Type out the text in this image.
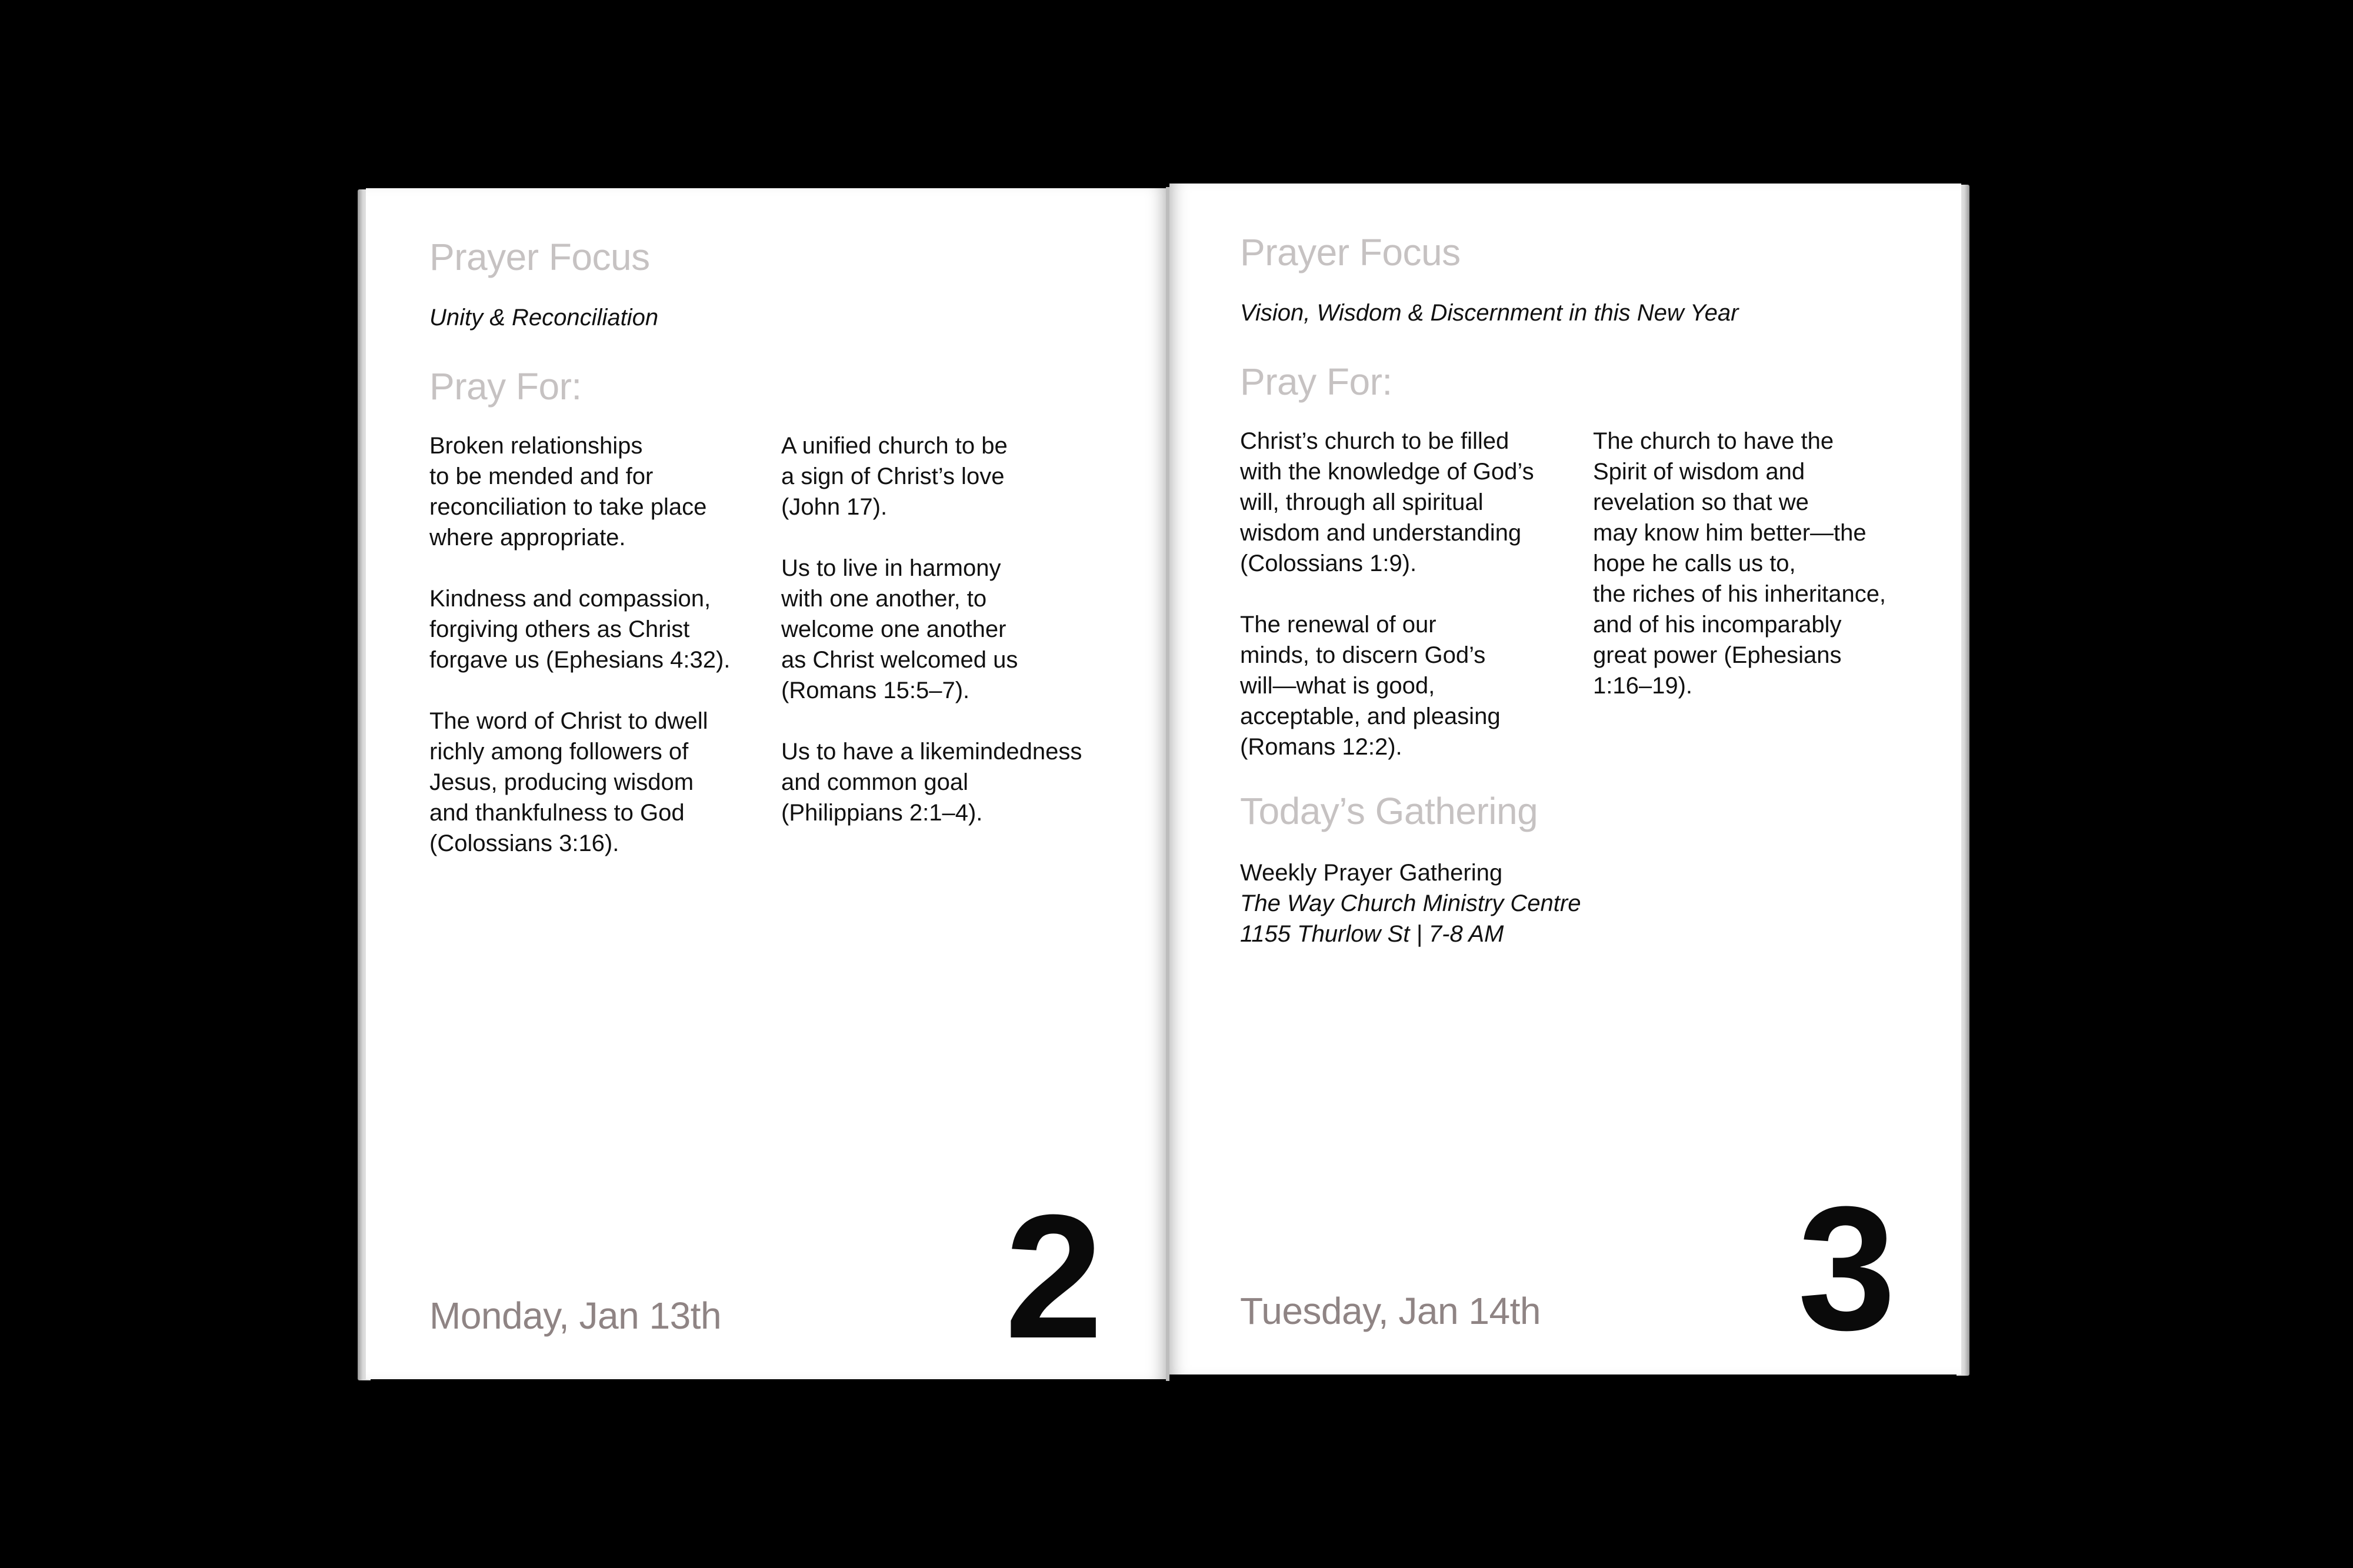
Prayer Focus
Unity & Reconciliation
Pray For:

Broken relationships
to be mended and for
reconciliation to take place
where appropriate.

Kindness and compassion,
forgiving others as Christ
forgave us (Ephesians 4:32).

The word of Christ to dwell
richly among followers of
Jesus, producing wisdom
and thankfulness to God
(Colossians 3:16).

A unified church to be
a sign of Christ’s love
(John 17).

Us to live in harmony
with one another, to
welcome one another
as Christ welcomed us
(Romans 15:5–7).

Us to have a likemindedness
and common goal
(Philippians 2:1–4).

Monday, Jan 13th 2
Prayer Focus
Vision, Wisdom & Discernment in this New Year
Pray For:

Christ’s church to be filled
with the knowledge of God’s
will, through all spiritual
wisdom and understanding
(Colossians 1:9).

The renewal of our
minds, to discern God’s
will—what is good,
acceptable, and pleasing
(Romans 12:2).

The church to have the
Spirit of wisdom and
revelation so that we
may know him better—the
hope he calls us to,
the riches of his inheritance,
and of his incomparably
great power (Ephesians
1:16–19).

Today’s Gathering
Weekly Prayer Gathering
The Way Church Ministry Centre
1155 Thurlow St | 7-8 AM
Tuesday, Jan 14th 3
